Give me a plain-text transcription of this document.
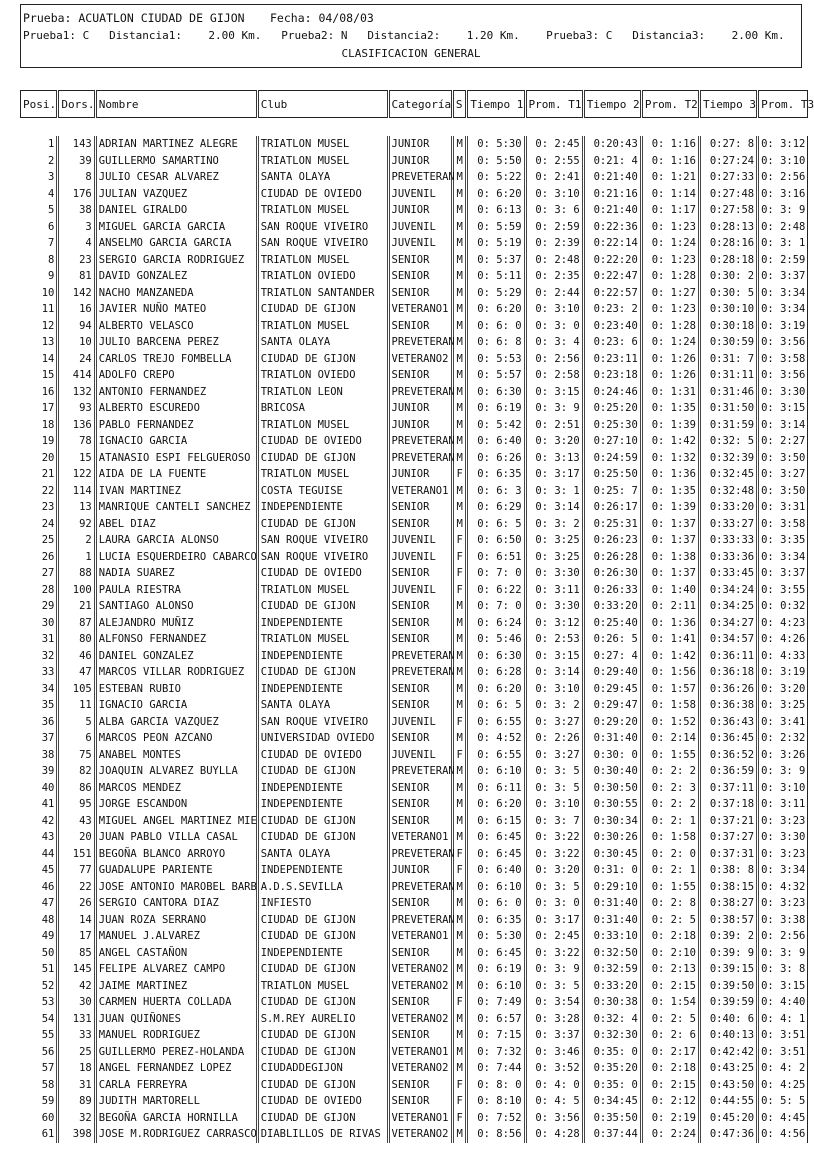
Prueba: ACUATLON CIUDAD DE GIJON Fecha: 04/08/03
Prueba1: C   Distancia1:    2.00 Km.   Prueba2: N   Distancia2:    1.20 Km.    Prueba3: C   Distancia3:    2.00 Km.
CLASIFICACION GENERAL
Posi.	Dors.	Nombre	Club	Categoría	S	Tiempo 1	Prom. T1	Tiempo 2	Prom. T2	Tiempo 3	Prom. T3

1	143	ADRIAN MARTINEZ ALEGRE	TRIATLON MUSEL	JUNIOR	M	0: 5:30	0: 2:45	0:20:43	0: 1:16	0:27: 8	0: 3:12
2	39	GUILLERMO SAMARTINO	TRIATLON MUSEL	JUNIOR	M	0: 5:50	0: 2:55	0:21: 4	0: 1:16	0:27:24	0: 3:10
3	8	JULIO CESAR ALVAREZ	SANTA OLAYA	PREVETERAN	M	0: 5:22	0: 2:41	0:21:40	0: 1:21	0:27:33	0: 2:56
4	176	JULIAN VAZQUEZ	CIUDAD DE OVIEDO	JUVENIL	M	0: 6:20	0: 3:10	0:21:16	0: 1:14	0:27:48	0: 3:16
5	38	DANIEL GIRALDO	TRIATLON MUSEL	JUNIOR	M	0: 6:13	0: 3: 6	0:21:40	0: 1:17	0:27:58	0: 3: 9
6	3	MIGUEL GARCIA GARCIA	SAN ROQUE VIVEIRO	JUVENIL	M	0: 5:59	0: 2:59	0:22:36	0: 1:23	0:28:13	0: 2:48
7	4	ANSELMO GARCIA GARCIA	SAN ROQUE VIVEIRO	JUVENIL	M	0: 5:19	0: 2:39	0:22:14	0: 1:24	0:28:16	0: 3: 1
8	23	SERGIO GARCIA RODRIGUEZ	TRIATLON MUSEL	SENIOR	M	0: 5:37	0: 2:48	0:22:20	0: 1:23	0:28:18	0: 2:59
9	81	DAVID GONZALEZ	TRIATLON OVIEDO	SENIOR	M	0: 5:11	0: 2:35	0:22:47	0: 1:28	0:30: 2	0: 3:37
10	142	NACHO MANZANEDA	TRIATLON SANTANDER	SENIOR	M	0: 5:29	0: 2:44	0:22:57	0: 1:27	0:30: 5	0: 3:34
11	16	JAVIER NUÑO MATEO	CIUDAD DE GIJON	VETERANO1	M	0: 6:20	0: 3:10	0:23: 2	0: 1:23	0:30:10	0: 3:34
12	94	ALBERTO VELASCO	TRIATLON MUSEL	SENIOR	M	0: 6: 0	0: 3: 0	0:23:40	0: 1:28	0:30:18	0: 3:19
13	10	JULIO BARCENA PEREZ	SANTA OLAYA	PREVETERAN	M	0: 6: 8	0: 3: 4	0:23: 6	0: 1:24	0:30:59	0: 3:56
14	24	CARLOS TREJO FOMBELLA	CIUDAD DE GIJON	VETERANO2	M	0: 5:53	0: 2:56	0:23:11	0: 1:26	0:31: 7	0: 3:58
15	414	ADOLFO CREPO	TRIATLON OVIEDO	SENIOR	M	0: 5:57	0: 2:58	0:23:18	0: 1:26	0:31:11	0: 3:56
16	132	ANTONIO FERNANDEZ	TRIATLON LEON	PREVETERAN	M	0: 6:30	0: 3:15	0:24:46	0: 1:31	0:31:46	0: 3:30
17	93	ALBERTO ESCUREDO	BRICOSA	JUNIOR	M	0: 6:19	0: 3: 9	0:25:20	0: 1:35	0:31:50	0: 3:15
18	136	PABLO FERNANDEZ	TRIATLON MUSEL	JUNIOR	M	0: 5:42	0: 2:51	0:25:30	0: 1:39	0:31:59	0: 3:14
19	78	IGNACIO GARCIA	CIUDAD DE OVIEDO	PREVETERAN	M	0: 6:40	0: 3:20	0:27:10	0: 1:42	0:32: 5	0: 2:27
20	15	ATANASIO ESPI FELGUEROSO	CIUDAD DE GIJON	PREVETERAN	M	0: 6:26	0: 3:13	0:24:59	0: 1:32	0:32:39	0: 3:50
21	122	AIDA DE LA FUENTE	TRIATLON MUSEL	JUNIOR	F	0: 6:35	0: 3:17	0:25:50	0: 1:36	0:32:45	0: 3:27
22	114	IVAN MARTINEZ	COSTA TEGUISE	VETERANO1	M	0: 6: 3	0: 3: 1	0:25: 7	0: 1:35	0:32:48	0: 3:50
23	13	MANRIQUE CANTELI SANCHEZ	INDEPENDIENTE	SENIOR	M	0: 6:29	0: 3:14	0:26:17	0: 1:39	0:33:20	0: 3:31
24	92	ABEL DIAZ	CIUDAD DE GIJON	SENIOR	M	0: 6: 5	0: 3: 2	0:25:31	0: 1:37	0:33:27	0: 3:58
25	2	LAURA GARCIA ALONSO	SAN ROQUE VIVEIRO	JUVENIL	F	0: 6:50	0: 3:25	0:26:23	0: 1:37	0:33:33	0: 3:35
26	1	LUCIA ESQUERDEIRO CABARCO	SAN ROQUE VIVEIRO	JUVENIL	F	0: 6:51	0: 3:25	0:26:28	0: 1:38	0:33:36	0: 3:34
27	88	NADIA SUAREZ	CIUDAD DE OVIEDO	SENIOR	F	0: 7: 0	0: 3:30	0:26:30	0: 1:37	0:33:45	0: 3:37
28	100	PAULA RIESTRA	TRIATLON MUSEL	JUVENIL	F	0: 6:22	0: 3:11	0:26:33	0: 1:40	0:34:24	0: 3:55
29	21	SANTIAGO ALONSO	CIUDAD DE GIJON	SENIOR	M	0: 7: 0	0: 3:30	0:33:20	0: 2:11	0:34:25	0: 0:32
30	87	ALEJANDRO MUÑIZ	INDEPENDIENTE	SENIOR	M	0: 6:24	0: 3:12	0:25:40	0: 1:36	0:34:27	0: 4:23
31	80	ALFONSO FERNANDEZ	TRIATLON MUSEL	SENIOR	M	0: 5:46	0: 2:53	0:26: 5	0: 1:41	0:34:57	0: 4:26
32	46	DANIEL GONZALEZ	INDEPENDIENTE	PREVETERAN	M	0: 6:30	0: 3:15	0:27: 4	0: 1:42	0:36:11	0: 4:33
33	47	MARCOS VILLAR RODRIGUEZ	CIUDAD DE GIJON	PREVETERAN	M	0: 6:28	0: 3:14	0:29:40	0: 1:56	0:36:18	0: 3:19
34	105	ESTEBAN RUBIO	INDEPENDIENTE	SENIOR	M	0: 6:20	0: 3:10	0:29:45	0: 1:57	0:36:26	0: 3:20
35	11	IGNACIO GARCIA	SANTA OLAYA	SENIOR	M	0: 6: 5	0: 3: 2	0:29:47	0: 1:58	0:36:38	0: 3:25
36	5	ALBA GARCIA VAZQUEZ	SAN ROQUE VIVEIRO	JUVENIL	F	0: 6:55	0: 3:27	0:29:20	0: 1:52	0:36:43	0: 3:41
37	6	MARCOS PEON AZCANO	UNIVERSIDAD OVIEDO	SENIOR	M	0: 4:52	0: 2:26	0:31:40	0: 2:14	0:36:45	0: 2:32
38	75	ANABEL MONTES	CIUDAD DE OVIEDO	JUVENIL	F	0: 6:55	0: 3:27	0:30: 0	0: 1:55	0:36:52	0: 3:26
39	82	JOAQUIN ALVAREZ BUYLLA	CIUDAD DE GIJON	PREVETERAN	M	0: 6:10	0: 3: 5	0:30:40	0: 2: 2	0:36:59	0: 3: 9
40	86	MARCOS MENDEZ	INDEPENDIENTE	SENIOR	M	0: 6:11	0: 3: 5	0:30:50	0: 2: 3	0:37:11	0: 3:10
41	95	JORGE ESCANDON	INDEPENDIENTE	SENIOR	M	0: 6:20	0: 3:10	0:30:55	0: 2: 2	0:37:18	0: 3:11
42	43	MIGUEL ANGEL MARTINEZ MIE	CIUDAD DE GIJON	SENIOR	M	0: 6:15	0: 3: 7	0:30:34	0: 2: 1	0:37:21	0: 3:23
43	20	JUAN PABLO VILLA CASAL	CIUDAD DE GIJON	VETERANO1	M	0: 6:45	0: 3:22	0:30:26	0: 1:58	0:37:27	0: 3:30
44	151	BEGOÑA BLANCO ARROYO	SANTA OLAYA	PREVETERAN	F	0: 6:45	0: 3:22	0:30:45	0: 2: 0	0:37:31	0: 3:23
45	77	GUADALUPE PARIENTE	INDEPENDIENTE	JUNIOR	F	0: 6:40	0: 3:20	0:31: 0	0: 2: 1	0:38: 8	0: 3:34
46	22	JOSE ANTONIO MAROBEL BARB	A.D.S.SEVILLA	PREVETERAN	M	0: 6:10	0: 3: 5	0:29:10	0: 1:55	0:38:15	0: 4:32
47	26	SERGIO CANTORA DIAZ	INFIESTO	SENIOR	M	0: 6: 0	0: 3: 0	0:31:40	0: 2: 8	0:38:27	0: 3:23
48	14	JUAN ROZA SERRANO	CIUDAD DE GIJON	PREVETERAN	M	0: 6:35	0: 3:17	0:31:40	0: 2: 5	0:38:57	0: 3:38
49	17	MANUEL J.ALVAREZ	CIUDAD DE GIJON	VETERANO1	M	0: 5:30	0: 2:45	0:33:10	0: 2:18	0:39: 2	0: 2:56
50	85	ANGEL CASTAÑON	INDEPENDIENTE	SENIOR	M	0: 6:45	0: 3:22	0:32:50	0: 2:10	0:39: 9	0: 3: 9
51	145	FELIPE ALVAREZ CAMPO	CIUDAD DE GIJON	VETERANO2	M	0: 6:19	0: 3: 9	0:32:59	0: 2:13	0:39:15	0: 3: 8
52	42	JAIME MARTINEZ	TRIATLON MUSEL	VETERANO2	M	0: 6:10	0: 3: 5	0:33:20	0: 2:15	0:39:50	0: 3:15
53	30	CARMEN HUERTA COLLADA	CIUDAD DE GIJON	SENIOR	F	0: 7:49	0: 3:54	0:30:38	0: 1:54	0:39:59	0: 4:40
54	131	JUAN QUIÑONES	S.M.REY AURELIO	VETERANO2	M	0: 6:57	0: 3:28	0:32: 4	0: 2: 5	0:40: 6	0: 4: 1
55	33	MANUEL RODRIGUEZ	CIUDAD DE GIJON	SENIOR	M	0: 7:15	0: 3:37	0:32:30	0: 2: 6	0:40:13	0: 3:51
56	25	GUILLERMO PEREZ-HOLANDA	CIUDAD DE GIJON	VETERANO1	M	0: 7:32	0: 3:46	0:35: 0	0: 2:17	0:42:42	0: 3:51
57	18	ANGEL FERNANDEZ LOPEZ	CIUDADDEGIJON	VETERANO2	M	0: 7:44	0: 3:52	0:35:20	0: 2:18	0:43:25	0: 4: 2
58	31	CARLA FERREYRA	CIUDAD DE GIJON	SENIOR	F	0: 8: 0	0: 4: 0	0:35: 0	0: 2:15	0:43:50	0: 4:25
59	89	JUDITH MARTORELL	CIUDAD DE OVIEDO	SENIOR	F	0: 8:10	0: 4: 5	0:34:45	0: 2:12	0:44:55	0: 5: 5
60	32	BEGOÑA GARCIA HORNILLA	CIUDAD DE GIJON	VETERANO1	F	0: 7:52	0: 3:56	0:35:50	0: 2:19	0:45:20	0: 4:45
61	398	JOSE M.RODRIGUEZ CARRASCO	DIABLILLOS DE RIVAS	VETERANO2	M	0: 8:56	0: 4:28	0:37:44	0: 2:24	0:47:36	0: 4:56
